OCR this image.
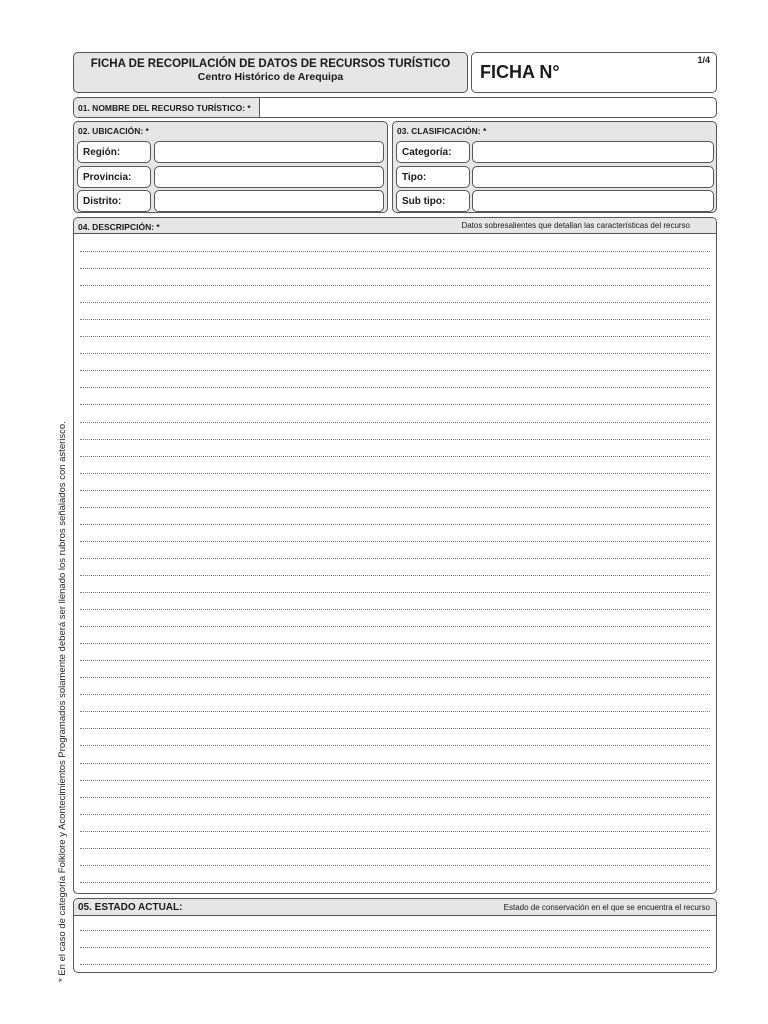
FICHA DE RECOPILACIÓN DE DATOS DE RECURSOS TURÍSTICO
Centro Histórico de Arequipa	FICHA N°
1/4
01. NOMBRE DEL RECURSO TURÍSTICO: *
02. UBICACIÓN: *
Región:
Provincia:
Distrito:
03. CLASIFICACIÓN: *
Categoría:
Tipo:
Sub tipo:
04. DESCRIPCIÓN: *	Datos sobresalientes que detallan las características del recurso
05. ESTADO ACTUAL:	Estado de conservación en el que se encuentra el recurso
* En el caso de categoría Folklore y Acontecimientos Programados solamente deberá ser llenado los rubros señalados con asterisco.
